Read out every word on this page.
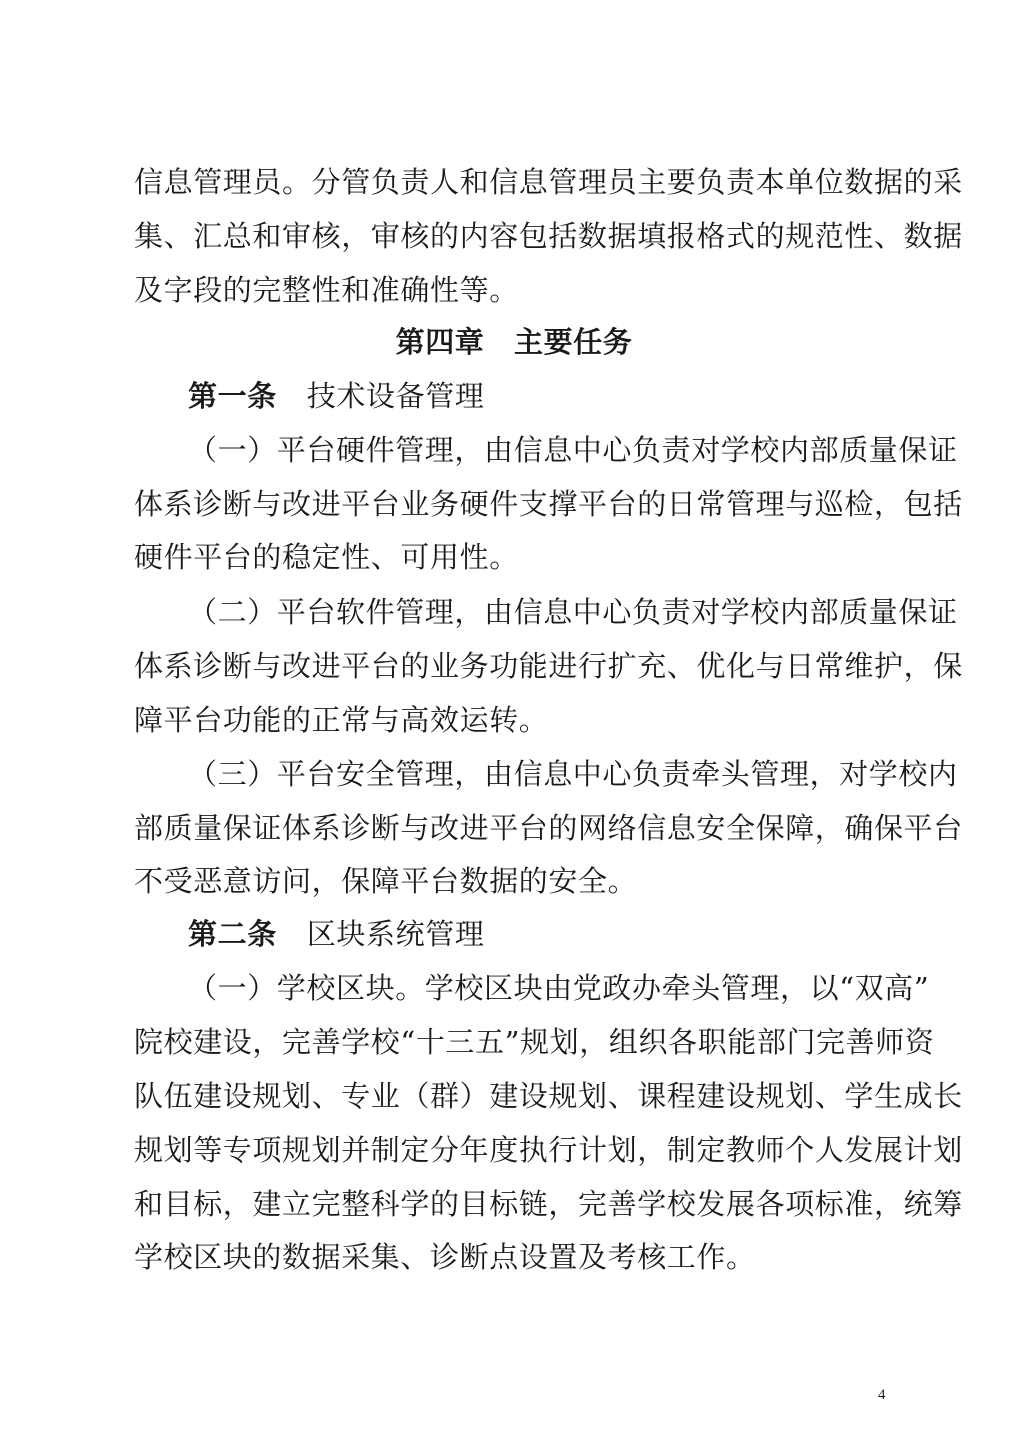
信息管理员。分管负责人和信息管理员主要负责本单位数据的采
集、汇总和审核，审核的内容包括数据填报格式的规范性、数据
及字段的完整性和准确性等。
第四章　主要任务
第一条 技术设备管理
（一）平台硬件管理，由信息中心负责对学校内部质量保证
体系诊断与改进平台业务硬件支撑平台的日常管理与巡检，包括
硬件平台的稳定性、可用性。
（二）平台软件管理，由信息中心负责对学校内部质量保证
体系诊断与改进平台的业务功能进行扩充、优化与日常维护，保
障平台功能的正常与高效运转。
（三）平台安全管理，由信息中心负责牵头管理，对学校内
部质量保证体系诊断与改进平台的网络信息安全保障，确保平台
不受恶意访问，保障平台数据的安全。
第二条 区块系统管理
（一）学校区块。学校区块由党政办牵头管理，以“双高”
院校建设，完善学校“十三五”规划，组织各职能部门完善师资
队伍建设规划、专业（群）建设规划、课程建设规划、学生成长
规划等专项规划并制定分年度执行计划，制定教师个人发展计划
和目标，建立完整科学的目标链，完善学校发展各项标准，统筹
学校区块的数据采集、诊断点设置及考核工作。
4
